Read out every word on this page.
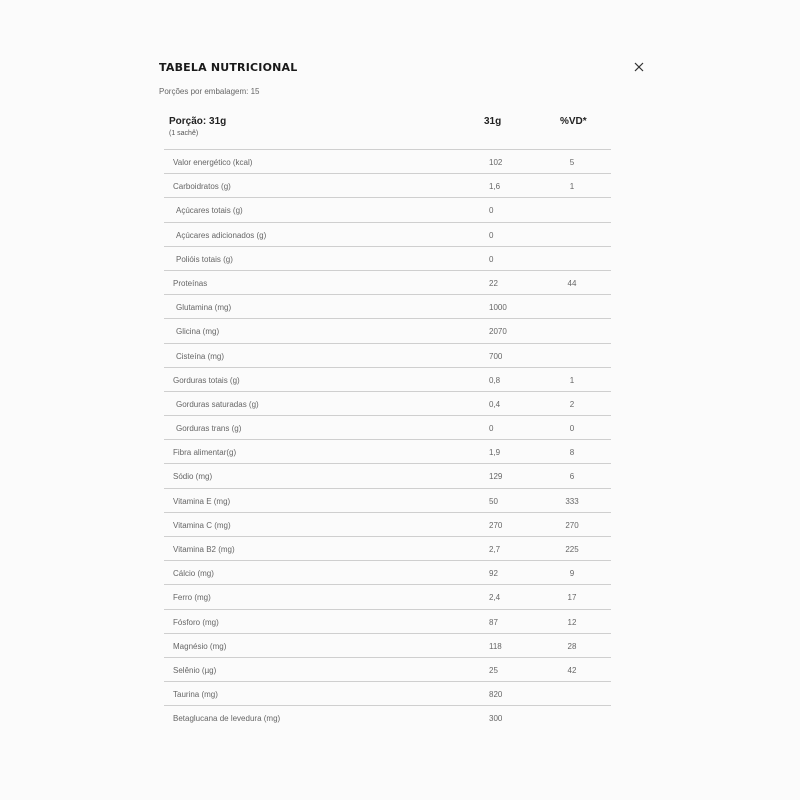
TABELA NUTRICIONAL
Porções por embalagem: 15
Porção: 31g
(1 sachê)
31g	%VD*
Valor energético (kcal)	102	5
Carboidratos (g)	1,6	1
Açúcares totais (g)	0
Açúcares adicionados (g)	0
Polióis totais (g)	0
Proteínas	22	44
Glutamina (mg)	1000
Glicina (mg)	2070
Cisteína (mg)	700
Gorduras totais (g)	0,8	1
Gorduras saturadas (g)	0,4	2
Gorduras trans (g)	0	0
Fibra alimentar(g)	1,9	8
Sódio (mg)	129	6
Vitamina E (mg)	50	333
Vitamina C (mg)	270	270
Vitamina B2 (mg)	2,7	225
Cálcio (mg)	92	9
Ferro (mg)	2,4	17
Fósforo (mg)	87	12
Magnésio (mg)	118	28
Selênio (µg)	25	42
Taurina (mg)	820
Betaglucana de levedura (mg)	300
